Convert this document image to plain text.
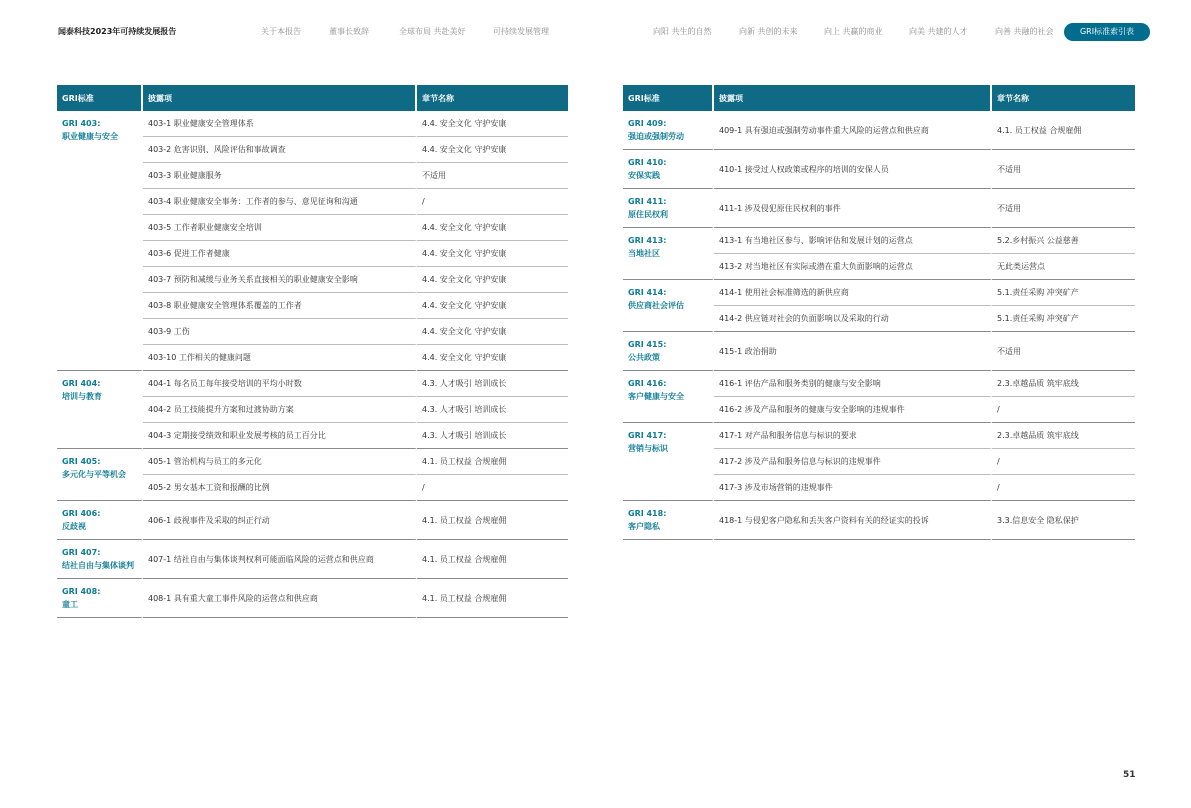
闻泰科技2023年可持续发展报告	关于本报告	董事长致辞	全球布局 共赴美好	可持续发展管理	向阳 共生的自然	向新 共创的未来	向上 共赢的商业	向美 共建的人才	向善 共融的社会	GRI标准索引表
GRI标准	披露项	章节名称

GRI 403:
职业健康与安全	403-1 职业健康安全管理体系	4.4. 安全文化 守护安康
	403-2 危害识别、风险评估和事故调查	4.4. 安全文化 守护安康
	403-3 职业健康服务	不适用
	403-4 职业健康安全事务：工作者的参与、意见征询和沟通	/
	403-5 工作者职业健康安全培训	4.4. 安全文化 守护安康
	403-6 促进工作者健康	4.4. 安全文化 守护安康
	403-7 预防和减缓与业务关系直接相关的职业健康安全影响	4.4. 安全文化 守护安康
	403-8 职业健康安全管理体系覆盖的工作者	4.4. 安全文化 守护安康
	403-9 工伤	4.4. 安全文化 守护安康
	403-10 工作相关的健康问题	4.4. 安全文化 守护安康

GRI 404:
培训与教育	404-1 每名员工每年接受培训的平均小时数	4.3. 人才吸引 培训成长
	404-2 员工技能提升方案和过渡协助方案	4.3. 人才吸引 培训成长
	404-3 定期接受绩效和职业发展考核的员工百分比	4.3. 人才吸引 培训成长

GRI 405:
多元化与平等机会	405-1 管治机构与员工的多元化	4.1. 员工权益 合规雇佣
	405-2 男女基本工资和报酬的比例	/

GRI 406:
反歧视	406-1 歧视事件及采取的纠正行动	4.1. 员工权益 合规雇佣

GRI 407:
结社自由与集体谈判	407-1 结社自由与集体谈判权利可能面临风险的运营点和供应商	4.1. 员工权益 合规雇佣

GRI 408:
童工	408-1 具有重大童工事件风险的运营点和供应商	4.1. 员工权益 合规雇佣
GRI标准	披露项	章节名称

GRI 409:
强迫或强制劳动	409-1 具有强迫或强制劳动事件重大风险的运营点和供应商	4.1. 员工权益 合规雇佣

GRI 410:
安保实践	410-1 接受过人权政策或程序的培训的安保人员	不适用

GRI 411:
原住民权利	411-1 涉及侵犯原住民权利的事件	不适用

GRI 413:
当地社区	413-1 有当地社区参与、影响评估和发展计划的运营点	5.2.乡村振兴 公益慈善
	413-2 对当地社区有实际或潜在重大负面影响的运营点	无此类运营点

GRI 414:
供应商社会评估	414-1 使用社会标准筛选的新供应商	5.1.责任采购 冲突矿产
	414-2 供应链对社会的负面影响以及采取的行动	5.1.责任采购 冲突矿产

GRI 415:
公共政策	415-1 政治捐助	不适用

GRI 416:
客户健康与安全	416-1 评估产品和服务类别的健康与安全影响	2.3.卓越品质 筑牢底线
	416-2 涉及产品和服务的健康与安全影响的违规事件	/

GRI 417:
营销与标识	417-1 对产品和服务信息与标识的要求	2.3.卓越品质 筑牢底线
	417-2 涉及产品和服务信息与标识的违规事件	/
	417-3 涉及市场营销的违规事件	/

GRI 418:
客户隐私	418-1 与侵犯客户隐私和丢失客户资料有关的经证实的投诉	3.3.信息安全 隐私保护
51
